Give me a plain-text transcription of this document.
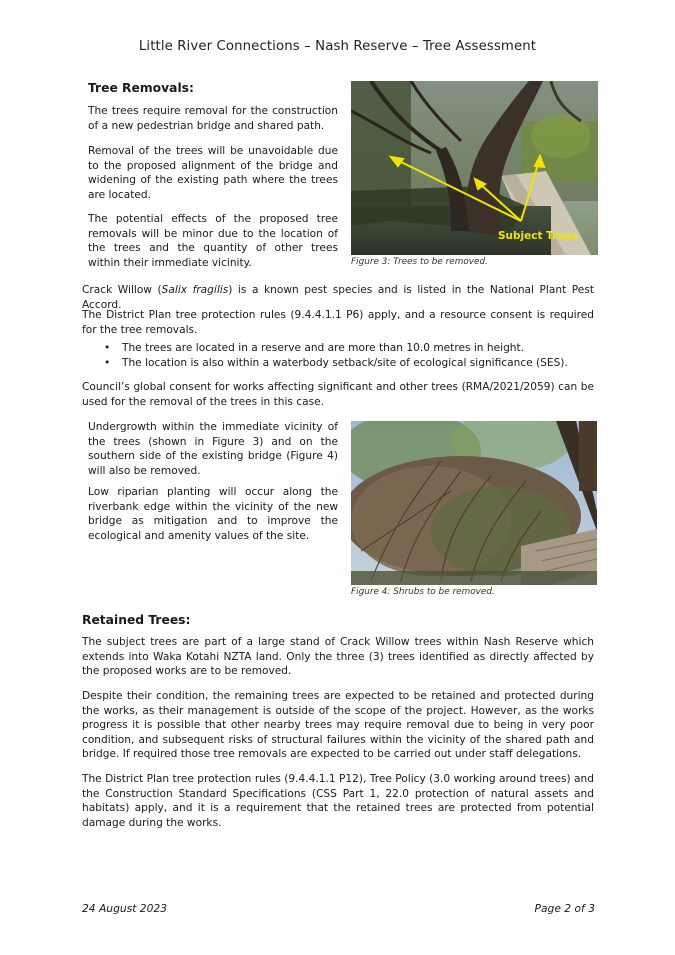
Little River Connections – Nash Reserve – Tree Assessment
Tree Removals:

The trees require removal for the construction of a new pedestrian bridge and shared path.

Removal of the trees will be unavoidable due to the proposed alignment of the bridge and widening of the existing path where the trees are located.

The potential effects of the proposed tree removals will be minor due to the location of the trees and the quantity of other trees within their immediate vicinity.

Subject Trees
Figure 3: Trees to be removed.

Crack Willow (Salix fragilis) is a known pest species and is listed in the National Plant Pest Accord.

The District Plan tree protection rules (9.4.4.1.1 P6) apply, and a resource consent is required for the tree removals.

• The trees are located in a reserve and are more than 10.0 metres in height.
• The location is also within a waterbody setback/site of ecological significance (SES).

Council’s global consent for works affecting significant and other trees (RMA/2021/2059) can be used for the removal of the trees in this case.

Undergrowth within the immediate vicinity of the trees (shown in Figure 3) and on the southern side of the existing bridge (Figure 4) will also be removed.

Low riparian planting will occur along the riverbank edge within the vicinity of the new bridge as mitigation and to improve the ecological and amenity values of the site.

Figure 4: Shrubs to be removed.
Retained Trees:

The subject trees are part of a large stand of Crack Willow trees within Nash Reserve which extends into Waka Kotahi NZTA land. Only the three (3) trees identified as directly affected by the proposed works are to be removed.

Despite their condition, the remaining trees are expected to be retained and protected during the works, as their management is outside of the scope of the project. However, as the works progress it is possible that other nearby trees may require removal due to being in very poor condition, and subsequent risks of structural failures within the vicinity of the shared path and bridge. If required those tree removals are expected to be carried out under staff delegations.

The District Plan tree protection rules (9.4.4.1.1 P12), Tree Policy (3.0 working around trees) and the Construction Standard Specifications (CSS Part 1, 22.0 protection of natural assets and habitats) apply, and it is a requirement that the retained trees are protected from potential damage during the works.

24 August 2023	Page 2 of 3
